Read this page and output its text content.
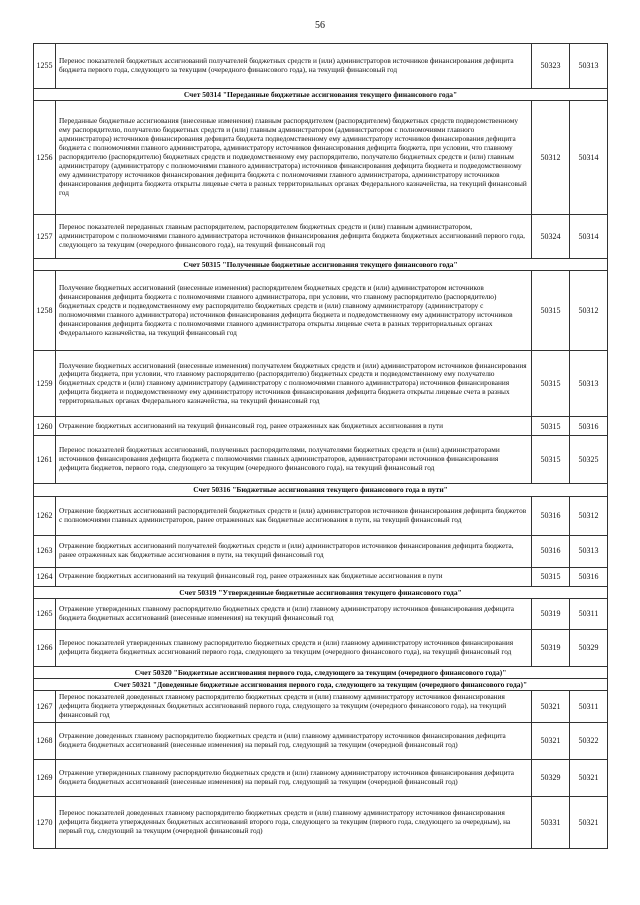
56
1255	Перенос показателей бюджетных ассигнований получателей бюджетных средств и (или) администраторов источников финансирования дефицита бюджета первого года, следующего за текущим (очередного финансового года), на текущий финансовый год	50323	50313
Счет 50314 "Переданные бюджетные ассигнования текущего финансового года"			
1256	Переданные бюджетные ассигнования (внесенные изменения) главным распорядителем (распорядителем) бюджетных средств подведомственному ему распорядителю, получателю бюджетных средств и (или) главным администратором (администратором с полномочиями главного администратора) источников финансирования дефицита бюджета подведомственному ему администратору источников финансирования дефицита бюджета с полномочиями главного администратора, администратору источников финансирования дефицита бюджета, при условии, что главному распорядителю (распорядителю) бюджетных средств и подведомственному ему распорядителю, получателю бюджетных средств и (или) главным администратору (администратору с полномочиями главного администратора) источников финансирования дефицита бюджета и подведомственному ему администратору источников финансирования дефицита бюджета с полномочиями главного администратора, администратору источников финансирования дефицита бюджета открыты лицевые счета в разных территориальных органах Федерального казначейства, на текущий финансовый год	50312	50314
1257	Перенос показателей переданных главным распорядителем, распорядителем бюджетных средств и (или) главным администратором, администратором с полномочиями главного администратора источников финансирования дефицита бюджета бюджетных ассигнований первого года, следующего за текущим (очередного финансового года), на текущий финансовый год	50324	50314
Счет 50315 "Полученные бюджетные ассигнования текущего финансового года"			
1258	Получение бюджетных ассигнований (внесенные изменения) распорядителем бюджетных средств и (или) администратором источников финансирования дефицита бюджета с полномочиями главного администратора, при условии, что главному распорядителю (распорядителю) бюджетных средств и подведомственному ему распорядителю бюджетных средств и (или) главному администратору (администратору с полномочиями главного администратора) источников финансирования дефицита бюджета и подведомственному ему администратору источников финансирования дефицита бюджета с полномочиями главного администратора открыты лицевые счета в разных территориальных органах Федерального казначейства, на текущий финансовый год	50315	50312
1259	Получение бюджетных ассигнований (внесенные изменения) получателем бюджетных средств и (или) администратором источников финансирования дефицита бюджета, при условии, что главному распорядителю (распорядителю) бюджетных средств и подведомственному ему получателю бюджетных средств и (или) главному администратору (администратору с полномочиями главного администратора) источников финансирования дефицита бюджета и подведомственному ему администратору источников финансирования дефицита бюджета открыты лицевые счета в разных территориальных органах Федерального казначейства, на текущий финансовый год	50315	50313
1260	Отражение бюджетных ассигнований на текущий финансовый год, ранее отраженных как бюджетных ассигнования в пути	50315	50316
1261	Перенос показателей бюджетных ассигнований, полученных распорядителями, получателями бюджетных средств и (или) администраторами источников финансирования дефицита бюджета с полномочиями главных администраторов, администраторами источников финансирования дефицита бюджетов, первого года, следующего за текущим (очередного финансового года), на текущий финансовый год	50315	50325
Счет 50316 "Бюджетные ассигнования текущего финансового года в пути"			
1262	Отражение бюджетных ассигнований распорядителей бюджетных средств и (или) администраторов источников финансирования дефицита бюджетов с полномочиями главных администраторов, ранее отраженных как бюджетные ассигнования в пути, на текущий финансовый год	50316	50312
1263	Отражение бюджетных ассигнований получателей бюджетных средств и (или) администраторов источников финансирования дефицита бюджета, ранее отраженных как бюджетные ассигнования в пути, на текущий финансовый год	50316	50313
1264	Отражение бюджетных ассигнований на текущий финансовый год, ранее отраженных как бюджетные ассигнования в пути	50315	50316
Счет 50319 "Утвержденные бюджетные ассигнования текущего финансового года"			
1265	Отражение утвержденных главному распорядителю бюджетных средств и (или) главному администратору источников финансирования дефицита бюджета бюджетных ассигнований (внесенные изменения) на текущий финансовый год	50319	50311
1266	Перенос показателей утвержденных главному распорядителю бюджетных средств и (или) главному администратору источников финансирования дефицита бюджета бюджетных ассигнований первого года, следующего за текущим (очередного финансового года), на текущий финансовый год	50319	50329
Счет 50320 "Бюджетные ассигнования первого года, следующего за текущим (очередного финансового года)"			
Счет 50321 "Доведенные бюджетные ассигнования первого года, следующего за текущим (очередного финансового года)"			
1267	Перенос показателей доведенных главному распорядителю бюджетных средств и (или) главному администратору источников финансирования дефицита бюджета утвержденных бюджетных ассигнований первого года, следующего за текущим (очередного финансового года), на текущий финансовый год	50321	50311
1268	Отражение доведенных главному распорядителю бюджетных средств и (или) главному администратору источников финансирования дефицита бюджета бюджетных ассигнований (внесенные изменения) на первый год, следующий за текущим (очередной финансовый год)	50321	50322
1269	Отражение утвержденных главному распорядителю бюджетных средств и (или) главному администратору источников финансирования дефицита бюджета бюджетных ассигнований (внесенные изменения) на первый год, следующий за текущим (очередной финансовый год)	50329	50321
1270	Перенос показателей доведенных главному распорядителю бюджетных средств и (или) главному администратору источников финансирования дефицита бюджета утвержденных бюджетных ассигнований второго года, следующего за текущим (первого года, следующего за очередным), на первый год, следующий за текущим (очередной финансовый год)	50331	50321
